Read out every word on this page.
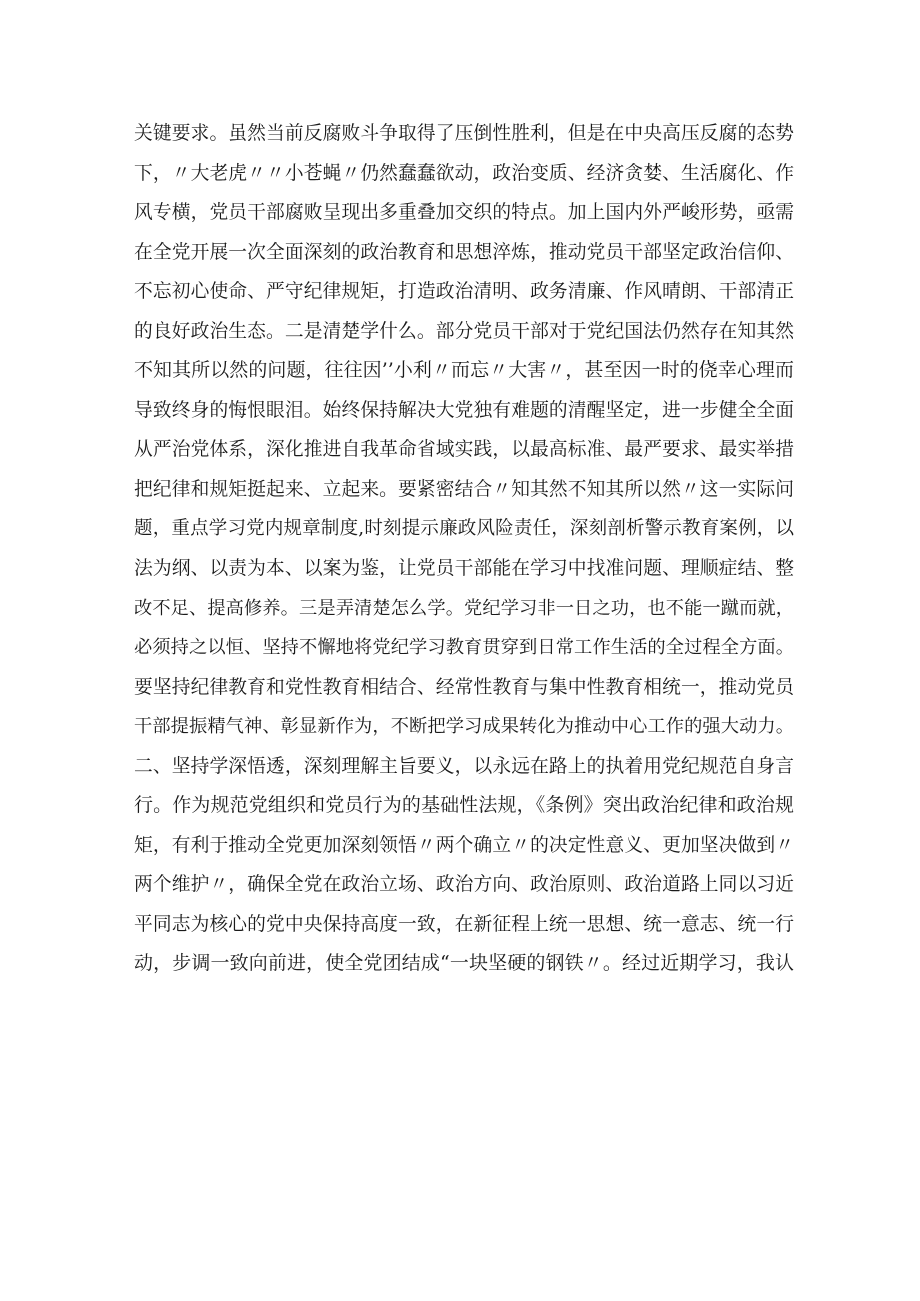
关键要求。虽然当前反腐败斗争取得了压倒性胜利，但是在中央高压反腐的态势
下，〃大老虎〃〃小苍蝇〃仍然蠢蠢欲动，政治变质、经济贪婪、生活腐化、作
风专横，党员干部腐败呈现出多重叠加交织的特点。加上国内外严峻形势，亟需
在全党开展一次全面深刻的政治教育和思想淬炼，推动党员干部坚定政治信仰、
不忘初心使命、严守纪律规矩，打造政治清明、政务清廉、作风晴朗、干部清正
的良好政治生态。二是清楚学什么。部分党员干部对于党纪国法仍然存在知其然
不知其所以然的问题，往往因’’小利〃而忘〃大害〃，甚至因一时的侥幸心理而
导致终身的悔恨眼泪。始终保持解决大党独有难题的清醒坚定，进一步健全全面
从严治党体系，深化推进自我革命省域实践，以最高标准、最严要求、最实举措
把纪律和规矩挺起来、立起来。要紧密结合〃知其然不知其所以然〃这一实际问
题，重点学习党内规章制度,时刻提示廉政风险责任，深刻剖析警示教育案例，以
法为纲、以责为本、以案为鉴，让党员干部能在学习中找准问题、理顺症结、整
改不足、提高修养。三是弄清楚怎么学。党纪学习非一日之功，也不能一蹴而就，
必须持之以恒、坚持不懈地将党纪学习教育贯穿到日常工作生活的全过程全方面。
要坚持纪律教育和党性教育相结合、经常性教育与集中性教育相统一，推动党员
干部提振精气神、彰显新作为，不断把学习成果转化为推动中心工作的强大动力。
二、坚持学深悟透，深刻理解主旨要义，以永远在路上的执着用党纪规范自身言
行。作为规范党组织和党员行为的基础性法规，《条例》突出政治纪律和政治规
矩，有利于推动全党更加深刻领悟〃两个确立〃的决定性意义、更加坚决做到〃
两个维护〃，确保全党在政治立场、政治方向、政治原则、政治道路上同以习近
平同志为核心的党中央保持高度一致，在新征程上统一思想、统一意志、统一行
动，步调一致向前进，使全党团结成“一块坚硬的钢铁〃。经过近期学习，我认
